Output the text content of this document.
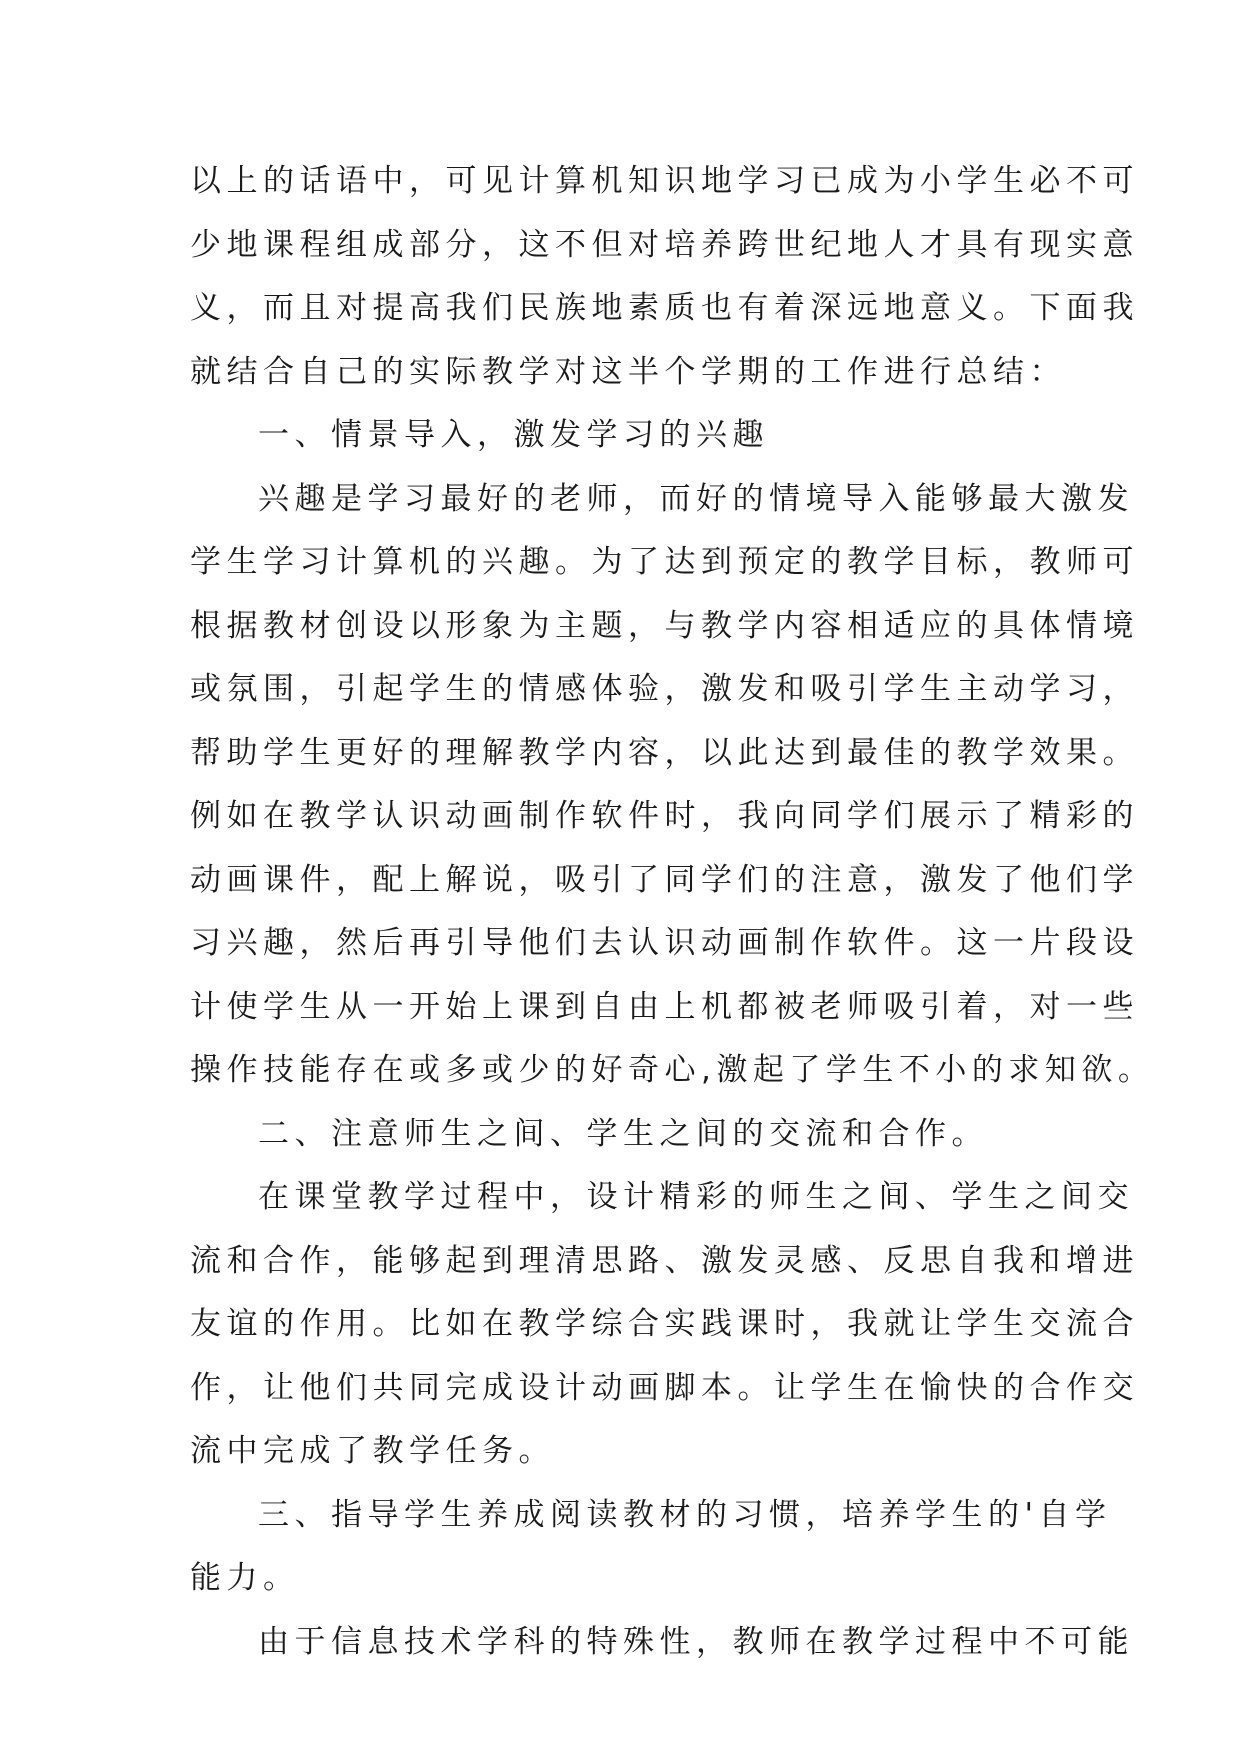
以上的话语中，可见计算机知识地学习已成为小学生必不可
少地课程组成部分，这不但对培养跨世纪地人才具有现实意
义，而且对提高我们民族地素质也有着深远地意义。下面我
就结合自己的实际教学对这半个学期的工作进行总结：
一、情景导入，激发学习的兴趣
兴趣是学习最好的老师，而好的情境导入能够最大激发
学生学习计算机的兴趣。为了达到预定的教学目标，教师可
根据教材创设以形象为主题，与教学内容相适应的具体情境
或氛围，引起学生的情感体验，激发和吸引学生主动学习，
帮助学生更好的理解教学内容，以此达到最佳的教学效果。
例如在教学认识动画制作软件时，我向同学们展示了精彩的
动画课件，配上解说，吸引了同学们的注意，激发了他们学
习兴趣，然后再引导他们去认识动画制作软件。这一片段设
计使学生从一开始上课到自由上机都被老师吸引着，对一些
操作技能存在或多或少的好奇心,激起了学生不小的求知欲。
二、注意师生之间、学生之间的交流和合作。
在课堂教学过程中，设计精彩的师生之间、学生之间交
流和合作，能够起到理清思路、激发灵感、反思自我和增进
友谊的作用。比如在教学综合实践课时，我就让学生交流合
作，让他们共同完成设计动画脚本。让学生在愉快的合作交
流中完成了教学任务。
三、指导学生养成阅读教材的习惯，培养学生的'自学
能力。
由于信息技术学科的特殊性，教师在教学过程中不可能
